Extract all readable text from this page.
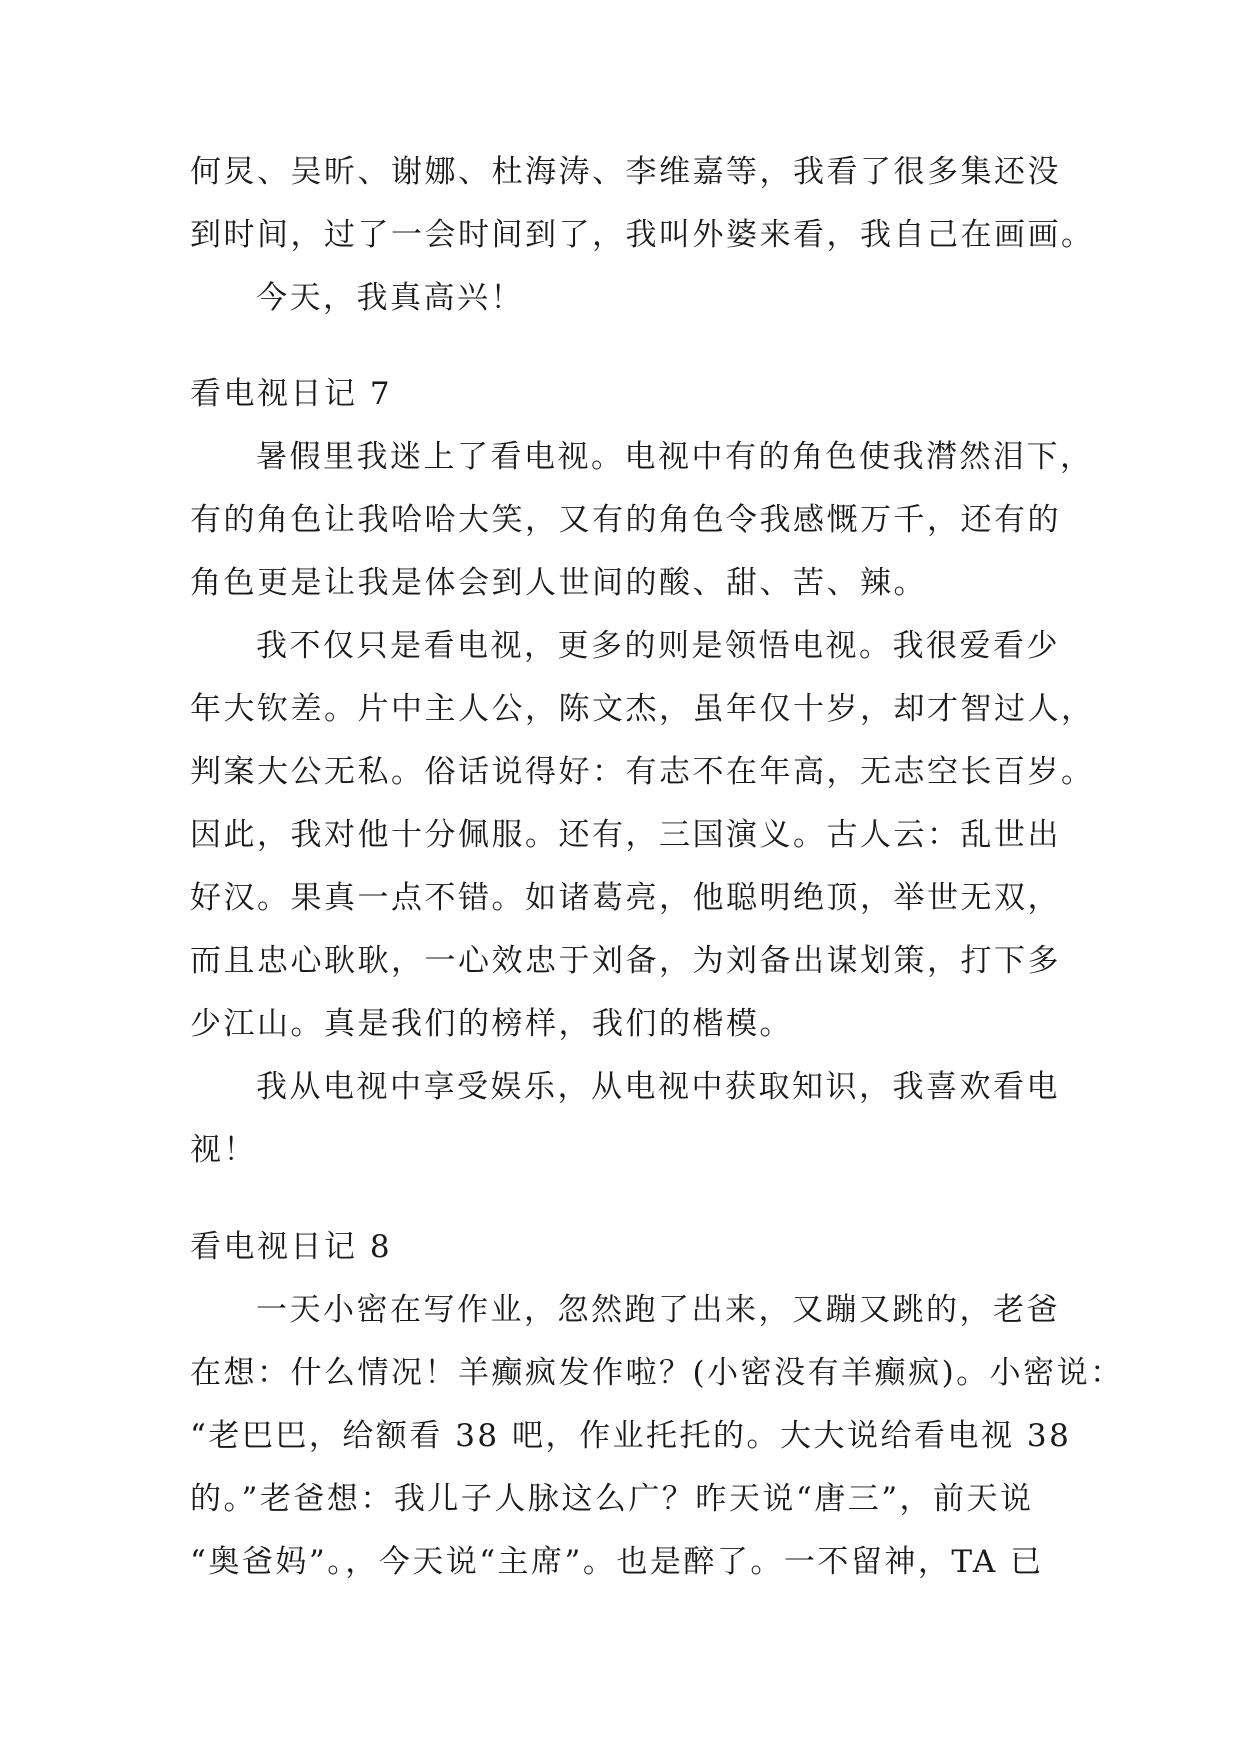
何炅、吴昕、谢娜、杜海涛、李维嘉等，我看了很多集还没
到时间，过了一会时间到了，我叫外婆来看，我自己在画画。
今天，我真高兴！
看电视日记 7
暑假里我迷上了看电视。电视中有的角色使我潸然泪下，
有的角色让我哈哈大笑，又有的角色令我感慨万千，还有的
角色更是让我是体会到人世间的酸、甜、苦、辣。
我不仅只是看电视，更多的则是领悟电视。我很爱看少
年大钦差。片中主人公，陈文杰，虽年仅十岁，却才智过人，
判案大公无私。俗话说得好：有志不在年高，无志空长百岁。
因此，我对他十分佩服。还有，三国演义。古人云：乱世出
好汉。果真一点不错。如诸葛亮，他聪明绝顶，举世无双，
而且忠心耿耿，一心效忠于刘备，为刘备出谋划策，打下多
少江山。真是我们的榜样，我们的楷模。
我从电视中享受娱乐，从电视中获取知识，我喜欢看电
视！
看电视日记 8
一天小密在写作业，忽然跑了出来，又蹦又跳的，老爸
在想：什么情况！羊癫疯发作啦？(小密没有羊癫疯)。小密说：
“老巴巴，给额看 38 吧，作业托托的。大大说给看电视 38
的。”老爸想：我儿子人脉这么广？昨天说“唐三”，前天说
“奥爸妈”。，今天说“主席”。也是醉了。一不留神，TA 已
